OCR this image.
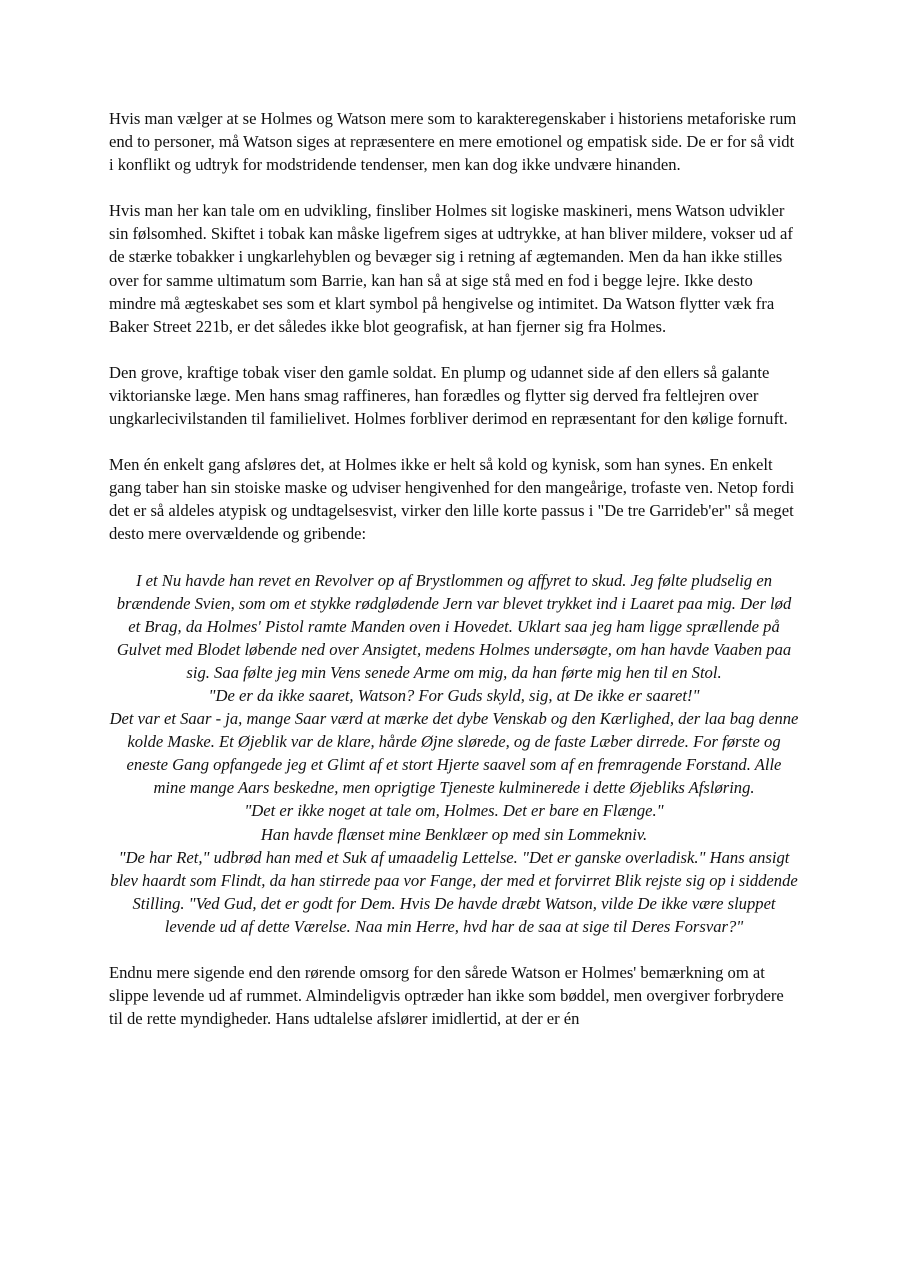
Hvis man vælger at se Holmes og Watson mere som to karakteregenskaber i historiens metaforiske rum end to personer, må Watson siges at repræsentere en mere emotionel og empatisk side. De er for så vidt i konflikt og udtryk for modstridende tendenser, men kan dog ikke undvære hinanden.

Hvis man her kan tale om en udvikling, finsliber Holmes sit logiske maskineri, mens Watson udvikler sin følsomhed. Skiftet i tobak kan måske ligefrem siges at udtrykke, at han bliver mildere, vokser ud af de stærke tobakker i ungkarlehyblen og bevæger sig i retning af ægtemanden. Men da han ikke stilles over for samme ultimatum som Barrie, kan han så at sige stå med en fod i begge lejre. Ikke desto mindre må ægteskabet ses som et klart symbol på hengivelse og intimitet. Da Watson flytter væk fra Baker Street 221b, er det således ikke blot geografisk, at han fjerner sig fra Holmes.

Den grove, kraftige tobak viser den gamle soldat. En plump og udannet side af den ellers så galante viktorianske læge. Men hans smag raffineres, han forædles og flytter sig derved fra feltlejren over ungkarlecivilstanden til familielivet. Holmes forbliver derimod en repræsentant for den kølige fornuft.

Men én enkelt gang afsløres det, at Holmes ikke er helt så kold og kynisk, som han synes. En enkelt gang taber han sin stoiske maske og udviser hengivenhed for den mangeårige, trofaste ven. Netop fordi det er så aldeles atypisk og undtagelsesvist, virker den lille korte passus i "De tre Garrideb'er" så meget desto mere overvældende og gribende:

I et Nu havde han revet en Revolver op af Brystlommen og affyret to skud. Jeg følte pludselig en brændende Svien, som om et stykke rødglødende Jern var blevet trykket ind i Laaret paa mig. Der lød et Brag, da Holmes' Pistol ramte Manden oven i Hovedet. Uklart saa jeg ham ligge sprællende på Gulvet med Blodet løbende ned over Ansigtet, medens Holmes undersøgte, om han havde Vaaben paa sig. Saa følte jeg min Vens senede Arme om mig, da han førte mig hen til en Stol.
"De er da ikke saaret, Watson? For Guds skyld, sig, at De ikke er saaret!"
Det var et Saar - ja, mange Saar værd at mærke det dybe Venskab og den Kærlighed, der laa bag denne kolde Maske. Et Øjeblik var de klare, hårde Øjne slørede, og de faste Læber dirrede. For første og eneste Gang opfangede jeg et Glimt af et stort Hjerte saavel som af en fremragende Forstand. Alle mine mange Aars beskedne, men oprigtige Tjeneste kulminerede i dette Øjebliks Afsløring.
"Det er ikke noget at tale om, Holmes. Det er bare en Flænge."
Han havde flænset mine Benklæer op med sin Lommekniv.
"De har Ret," udbrød han med et Suk af umaadelig Lettelse. "Det er ganske overladisk." Hans ansigt blev haardt som Flindt, da han stirrede paa vor Fange, der med et forvirret Blik rejste sig op i siddende Stilling. "Ved Gud, det er godt for Dem. Hvis De havde dræbt Watson, vilde De ikke være sluppet levende ud af dette Værelse. Naa min Herre, hvd har de saa at sige til Deres Forsvar?"

Endnu mere sigende end den rørende omsorg for den sårede Watson er Holmes' bemærkning om at slippe levende ud af rummet. Almindeligvis optræder han ikke som bøddel, men overgiver forbrydere til de rette myndigheder. Hans udtalelse afslører imidlertid, at der er én
